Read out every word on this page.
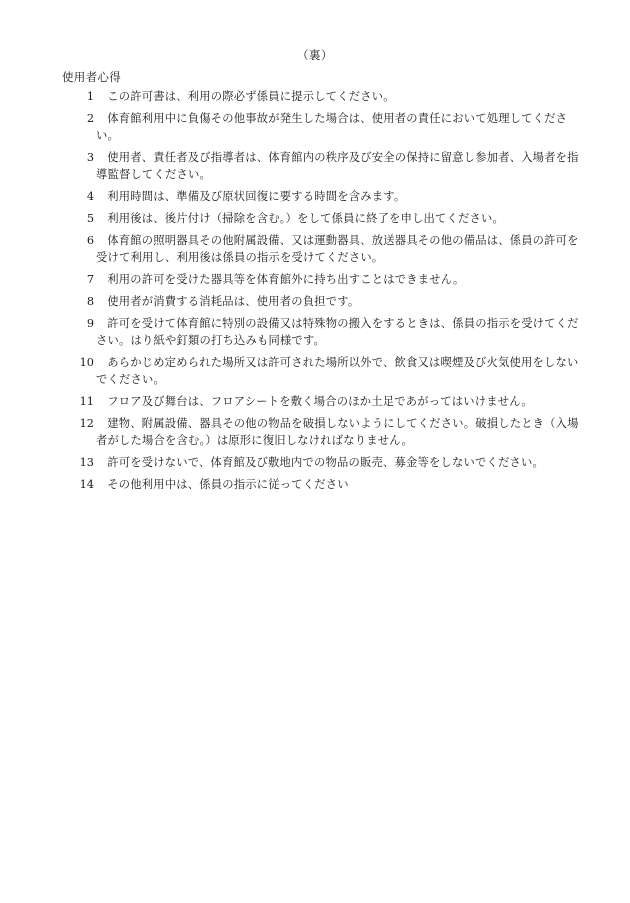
（裏）
使用者心得
1	この許可書は、利用の際必ず係員に提示してください。
2	体育館利用中に負傷その他事故が発生した場合は、使用者の責任において処理してください。
3	使用者、責任者及び指導者は、体育館内の秩序及び安全の保持に留意し参加者、入場者を指導監督してください。
4	利用時間は、準備及び原状回復に要する時間を含みます。
5	利用後は、後片付け（掃除を含む。）をして係員に終了を申し出てください。
6	体育館の照明器具その他附属設備、又は運動器具、放送器具その他の備品は、係員の許可を受けて利用し、利用後は係員の指示を受けてください。
7	利用の許可を受けた器具等を体育館外に持ち出すことはできません。
8	使用者が消費する消耗品は、使用者の負担です。
9	許可を受けて体育館に特別の設備又は特殊物の搬入をするときは、係員の指示を受けてください。はり紙や釘類の打ち込みも同様です。
10	あらかじめ定められた場所又は許可された場所以外で、飲食又は喫煙及び火気使用をしないでください。
11	フロア及び舞台は、フロアシートを敷く場合のほか土足であがってはいけません。
12	建物、附属設備、器具その他の物品を破損しないようにしてください。破損したとき（入場者がした場合を含む。）は原形に復旧しなければなりません。
13	許可を受けないで、体育館及び敷地内での物品の販売、募金等をしないでください。
14	その他利用中は、係員の指示に従ってください
